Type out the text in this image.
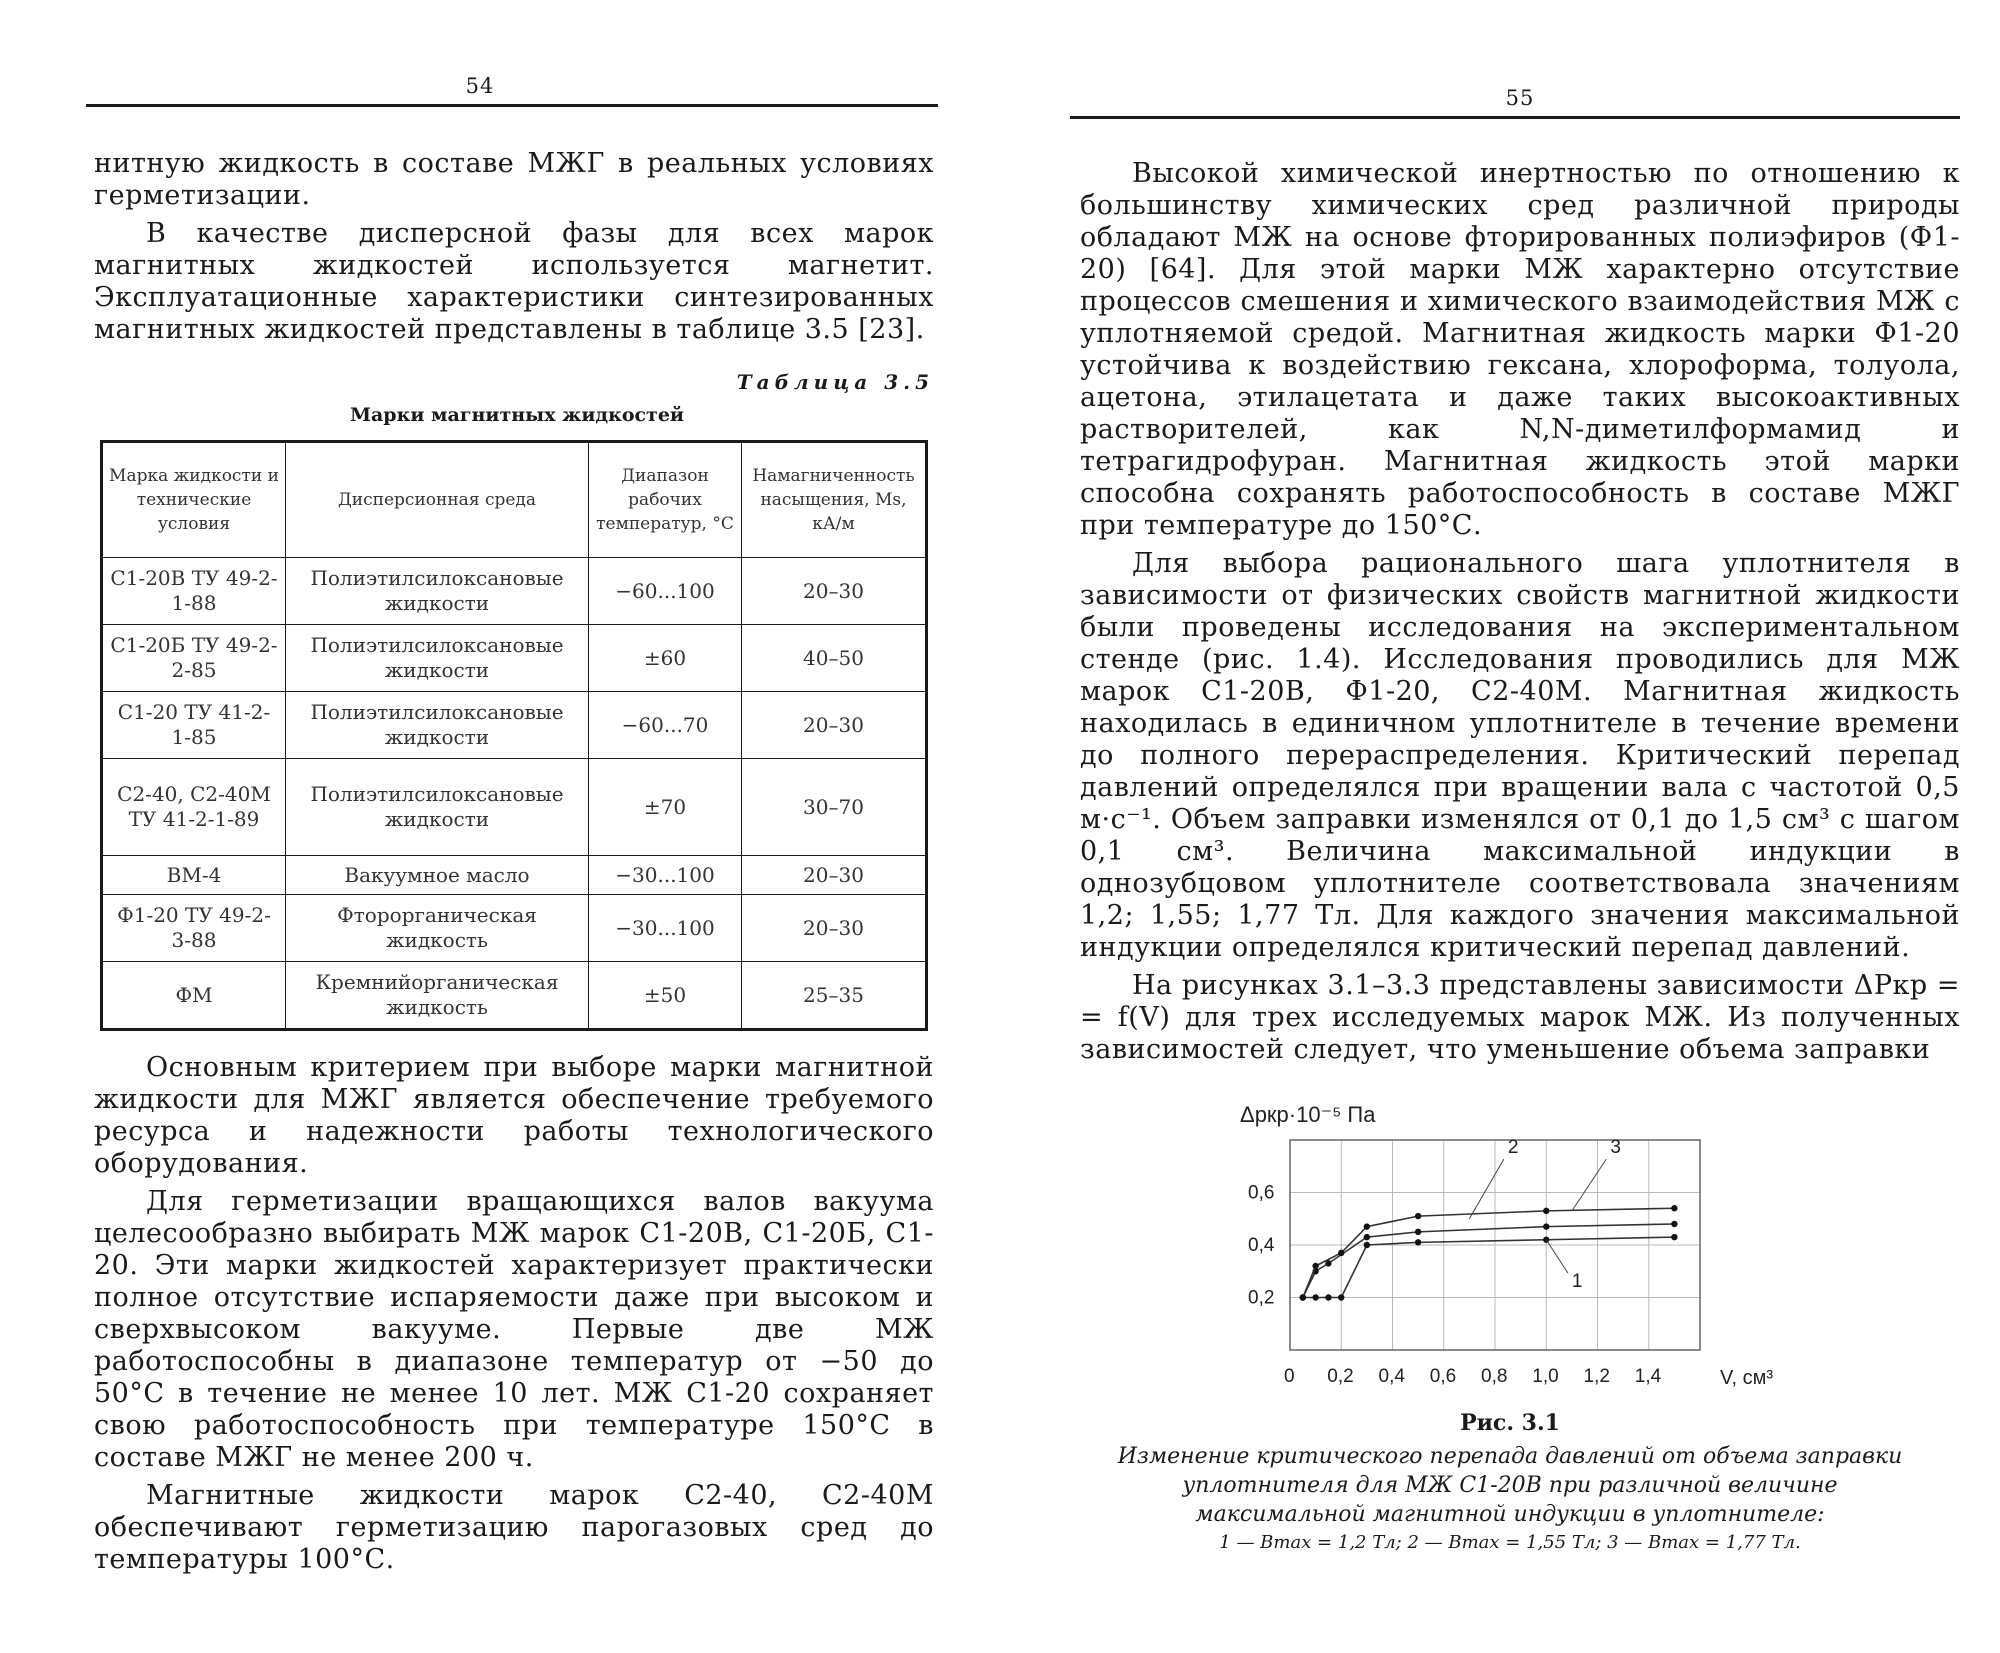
54

нитную жидкость в составе МЖГ в реальных условиях герметизации.

В качестве дисперсной фазы для всех марок магнитных жидкостей используется магнетит. Эксплуатационные характеристики синтезированных магнитных жидкостей представлены в таблице 3.5 [23].

Таблица 3.5
Марки магнитных жидкостей
Марка жидкости и технические условия	Дисперсионная среда	Диапазон рабочих температур, °С	Намагниченность насыщения, Ms, кА/м
С1-20В ТУ 49-2-1-88	Полиэтилсилоксановые жидкости	−60...100	20–30
С1-20Б ТУ 49-2-2-85	Полиэтилсилоксановые жидкости	±60	40–50
С1-20 ТУ 41-2-1-85	Полиэтилсилоксановые жидкости	−60...70	20–30
С2-40, С2-40М ТУ 41-2-1-89	Полиэтилсилоксановые жидкости	±70	30–70
ВМ-4	Вакуумное масло	−30...100	20–30
Ф1-20 ТУ 49-2-3-88	Фторорганическая жидкость	−30...100	20–30
ФМ	Кремнийорганическая жидкость	±50	25–35

Основным критерием при выборе марки магнитной жидкости для МЖГ является обеспечение требуемого ресурса и надежности работы технологического оборудования.

Для герметизации вращающихся валов вакуума целесообразно выбирать МЖ марок С1-20В, С1-20Б, С1-20. Эти марки жидкостей характеризует практически полное отсутствие испаряемости даже при высоком и сверхвысоком вакууме. Первые две МЖ работоспособны в диапазоне температур от −50 до 50°С в течение не менее 10 лет. МЖ С1-20 сохраняет свою работоспособность при температуре 150°С в составе МЖГ не менее 200 ч.

Магнитные жидкости марок С2-40, С2-40М обеспечивают герметизацию парогазовых сред до температуры 100°С.

55

Высокой химической инертностью по отношению к большинству химических сред различной природы обладают МЖ на основе фторированных полиэфиров (Ф1-20) [64]. Для этой марки МЖ характерно отсутствие процессов смешения и химического взаимодействия МЖ с уплотняемой средой. Магнитная жидкость марки Ф1-20 устойчива к воздействию гексана, хлороформа, толуола, ацетона, этилацетата и даже таких высокоактивных растворителей, как N,N-диметилформамид и тетрагидрофуран. Магнитная жидкость этой марки способна сохранять работоспособность в составе МЖГ при температуре до 150°С.

Для выбора рационального шага уплотнителя в зависимости от физических свойств магнитной жидкости были проведены исследования на экспериментальном стенде (рис. 1.4). Исследования проводились для МЖ марок С1-20В, Ф1-20, С2-40М. Магнитная жидкость находилась в единичном уплотнителе в течение времени до полного перераспределения. Критический перепад давлений определялся при вращении вала с частотой 0,5 м·с⁻¹. Объем заправки изменялся от 0,1 до 1,5 см³ с шагом 0,1 см³. Величина максимальной индукции в однозубцовом уплотнителе соответствовала значениям 1,2; 1,55; 1,77 Тл. Для каждого значения максимальной индукции определялся критический перепад давлений.

На рисунках 3.1–3.3 представлены зависимости ΔPкр = = f(V) для трех исследуемых марок МЖ. Из полученных зависимостей следует, что уменьшение объема заправки

0 0,2 0,4 0,6 0,8 1,0 1,2 1,4
0,2
0,4
0,6
1
2	3
Δpкр·10⁻⁵ Па
V, см³
Рис. 3.1
Изменение критического перепада давлений от объема заправки уплотнителя для МЖ С1-20В при различной величине максимальной магнитной индукции в уплотнителе:
1 — Bmax = 1,2 Тл; 2 — Bmax = 1,55 Тл; 3 — Bmax = 1,77 Тл.
